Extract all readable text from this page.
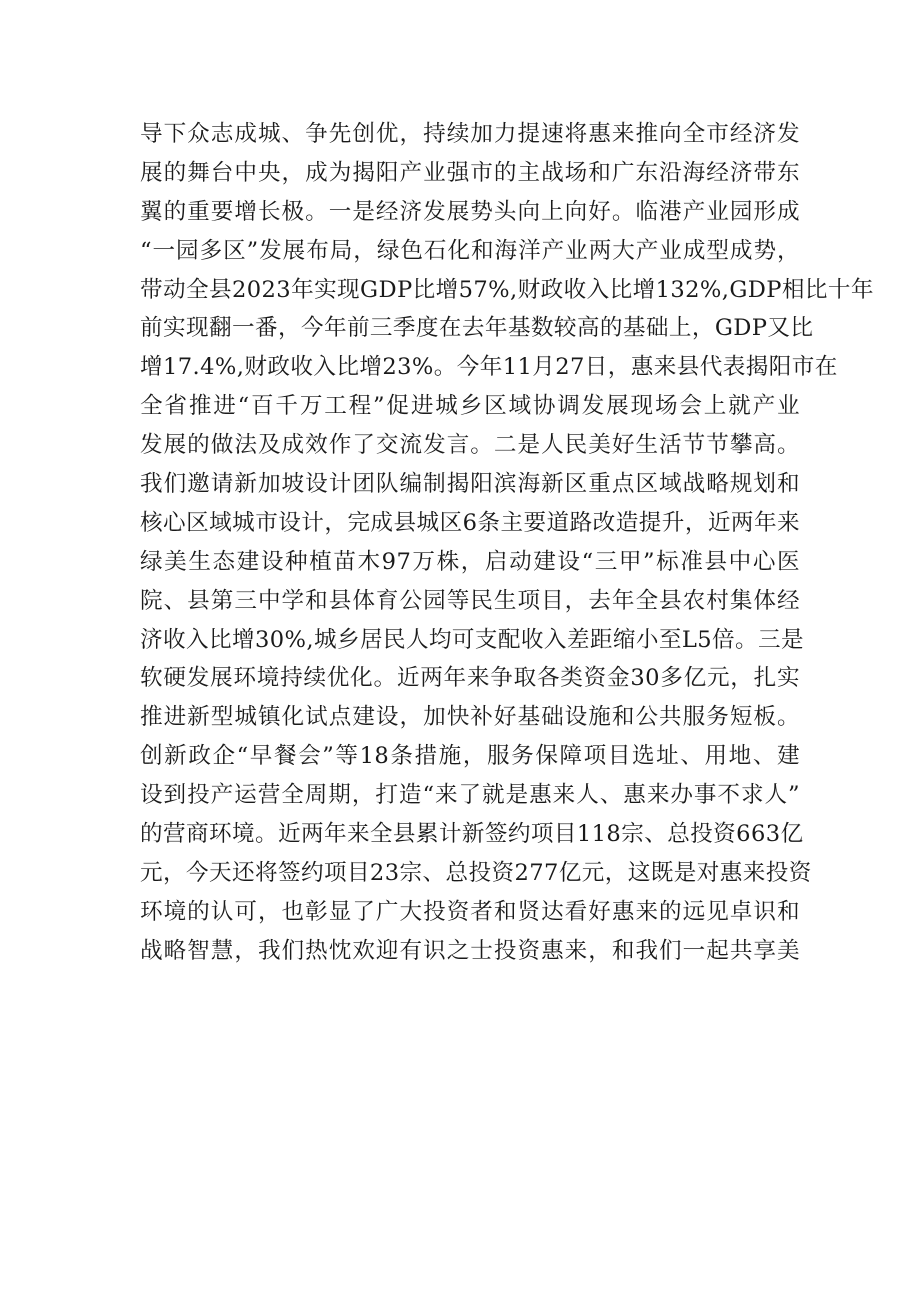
导下众志成城、争先创优，持续加力提速将惠来推向全市经济发
展的舞台中央，成为揭阳产业强市的主战场和广东沿海经济带东
翼的重要增长极。一是经济发展势头向上向好。临港产业园形成
“一园多区”发展布局，绿色石化和海洋产业两大产业成型成势，
带动全县2023年实现GDP比增57%,财政收入比增132%,GDP相比十年
前实现翻一番，今年前三季度在去年基数较高的基础上，GDP又比
增17.4%,财政收入比增23%。今年11月27日，惠来县代表揭阳市在
全省推进“百千万工程”促进城乡区域协调发展现场会上就产业
发展的做法及成效作了交流发言。二是人民美好生活节节攀高。
我们邀请新加坡设计团队编制揭阳滨海新区重点区域战略规划和
核心区域城市设计，完成县城区6条主要道路改造提升，近两年来
绿美生态建设种植苗木97万株，启动建设“三甲”标准县中心医
院、县第三中学和县体育公园等民生项目，去年全县农村集体经
济收入比增30%,城乡居民人均可支配收入差距缩小至L5倍。三是
软硬发展环境持续优化。近两年来争取各类资金30多亿元，扎实
推进新型城镇化试点建设，加快补好基础设施和公共服务短板。
创新政企“早餐会”等18条措施，服务保障项目选址、用地、建
设到投产运营全周期，打造“来了就是惠来人、惠来办事不求人”
的营商环境。近两年来全县累计新签约项目118宗、总投资663亿
元，今天还将签约项目23宗、总投资277亿元，这既是对惠来投资
环境的认可，也彰显了广大投资者和贤达看好惠来的远见卓识和
战略智慧，我们热忱欢迎有识之士投资惠来，和我们一起共享美
